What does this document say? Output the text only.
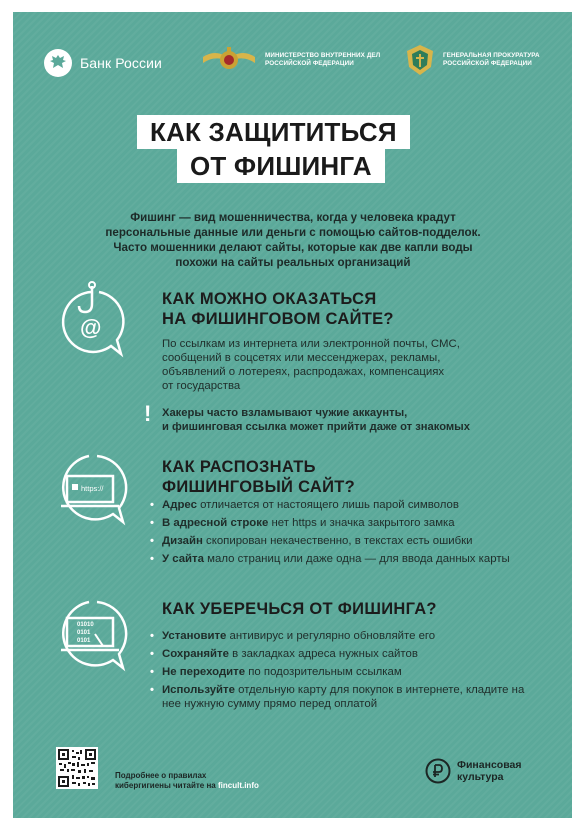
Банк России	МИНИСТЕРСТВО ВНУТРЕННИХ ДЕЛ
РОССИЙСКОЙ ФЕДЕРАЦИИ
ГЕНЕРАЛЬНАЯ ПРОКУРАТУРА
РОССИЙСКОЙ ФЕДЕРАЦИИ
КАК ЗАЩИТИТЬСЯ
ОТ ФИШИНГА
Фишинг — вид мошенничества, когда у человека крадут
персональные данные или деньги с помощью сайтов-подделок.
Часто мошенники делают сайты, которые как две капли воды
похожи на сайты реальных организаций
@
КАК МОЖНО ОКАЗАТЬСЯ
НА ФИШИНГОВОМ САЙТЕ?
По ссылкам из интернета или электронной почты, СМС,
сообщений в соцсетях или мессенджерах, рекламы,
объявлений о лотереях, распродажах, компенсациях
от государства
! Хакеры часто взламывают чужие аккаунты,
и фишинговая ссылка может прийти даже от знакомых
https://
КАК РАСПОЗНАТЬ
ФИШИНГОВЫЙ САЙТ?
• Адрес отличается от настоящего лишь парой символов
• В адресной строке нет https и значка закрытого замка
• Дизайн скопирован некачественно, в текстах есть ошибки
• У сайта мало страниц или даже одна — для ввода данных карты
01010
0101
0101
КАК УБЕРЕЧЬСЯ ОТ ФИШИНГА?
• Установите антивирус и регулярно обновляйте его
• Сохраняйте в закладках адреса нужных сайтов
• Не переходите по подозрительным ссылкам
• Используйте отдельную карту для покупок в интернете, кладите на нее нужную сумму прямо перед оплатой
Подробнее о правилах
кибергигиены читайте на fincult.info
Финансовая
культура
